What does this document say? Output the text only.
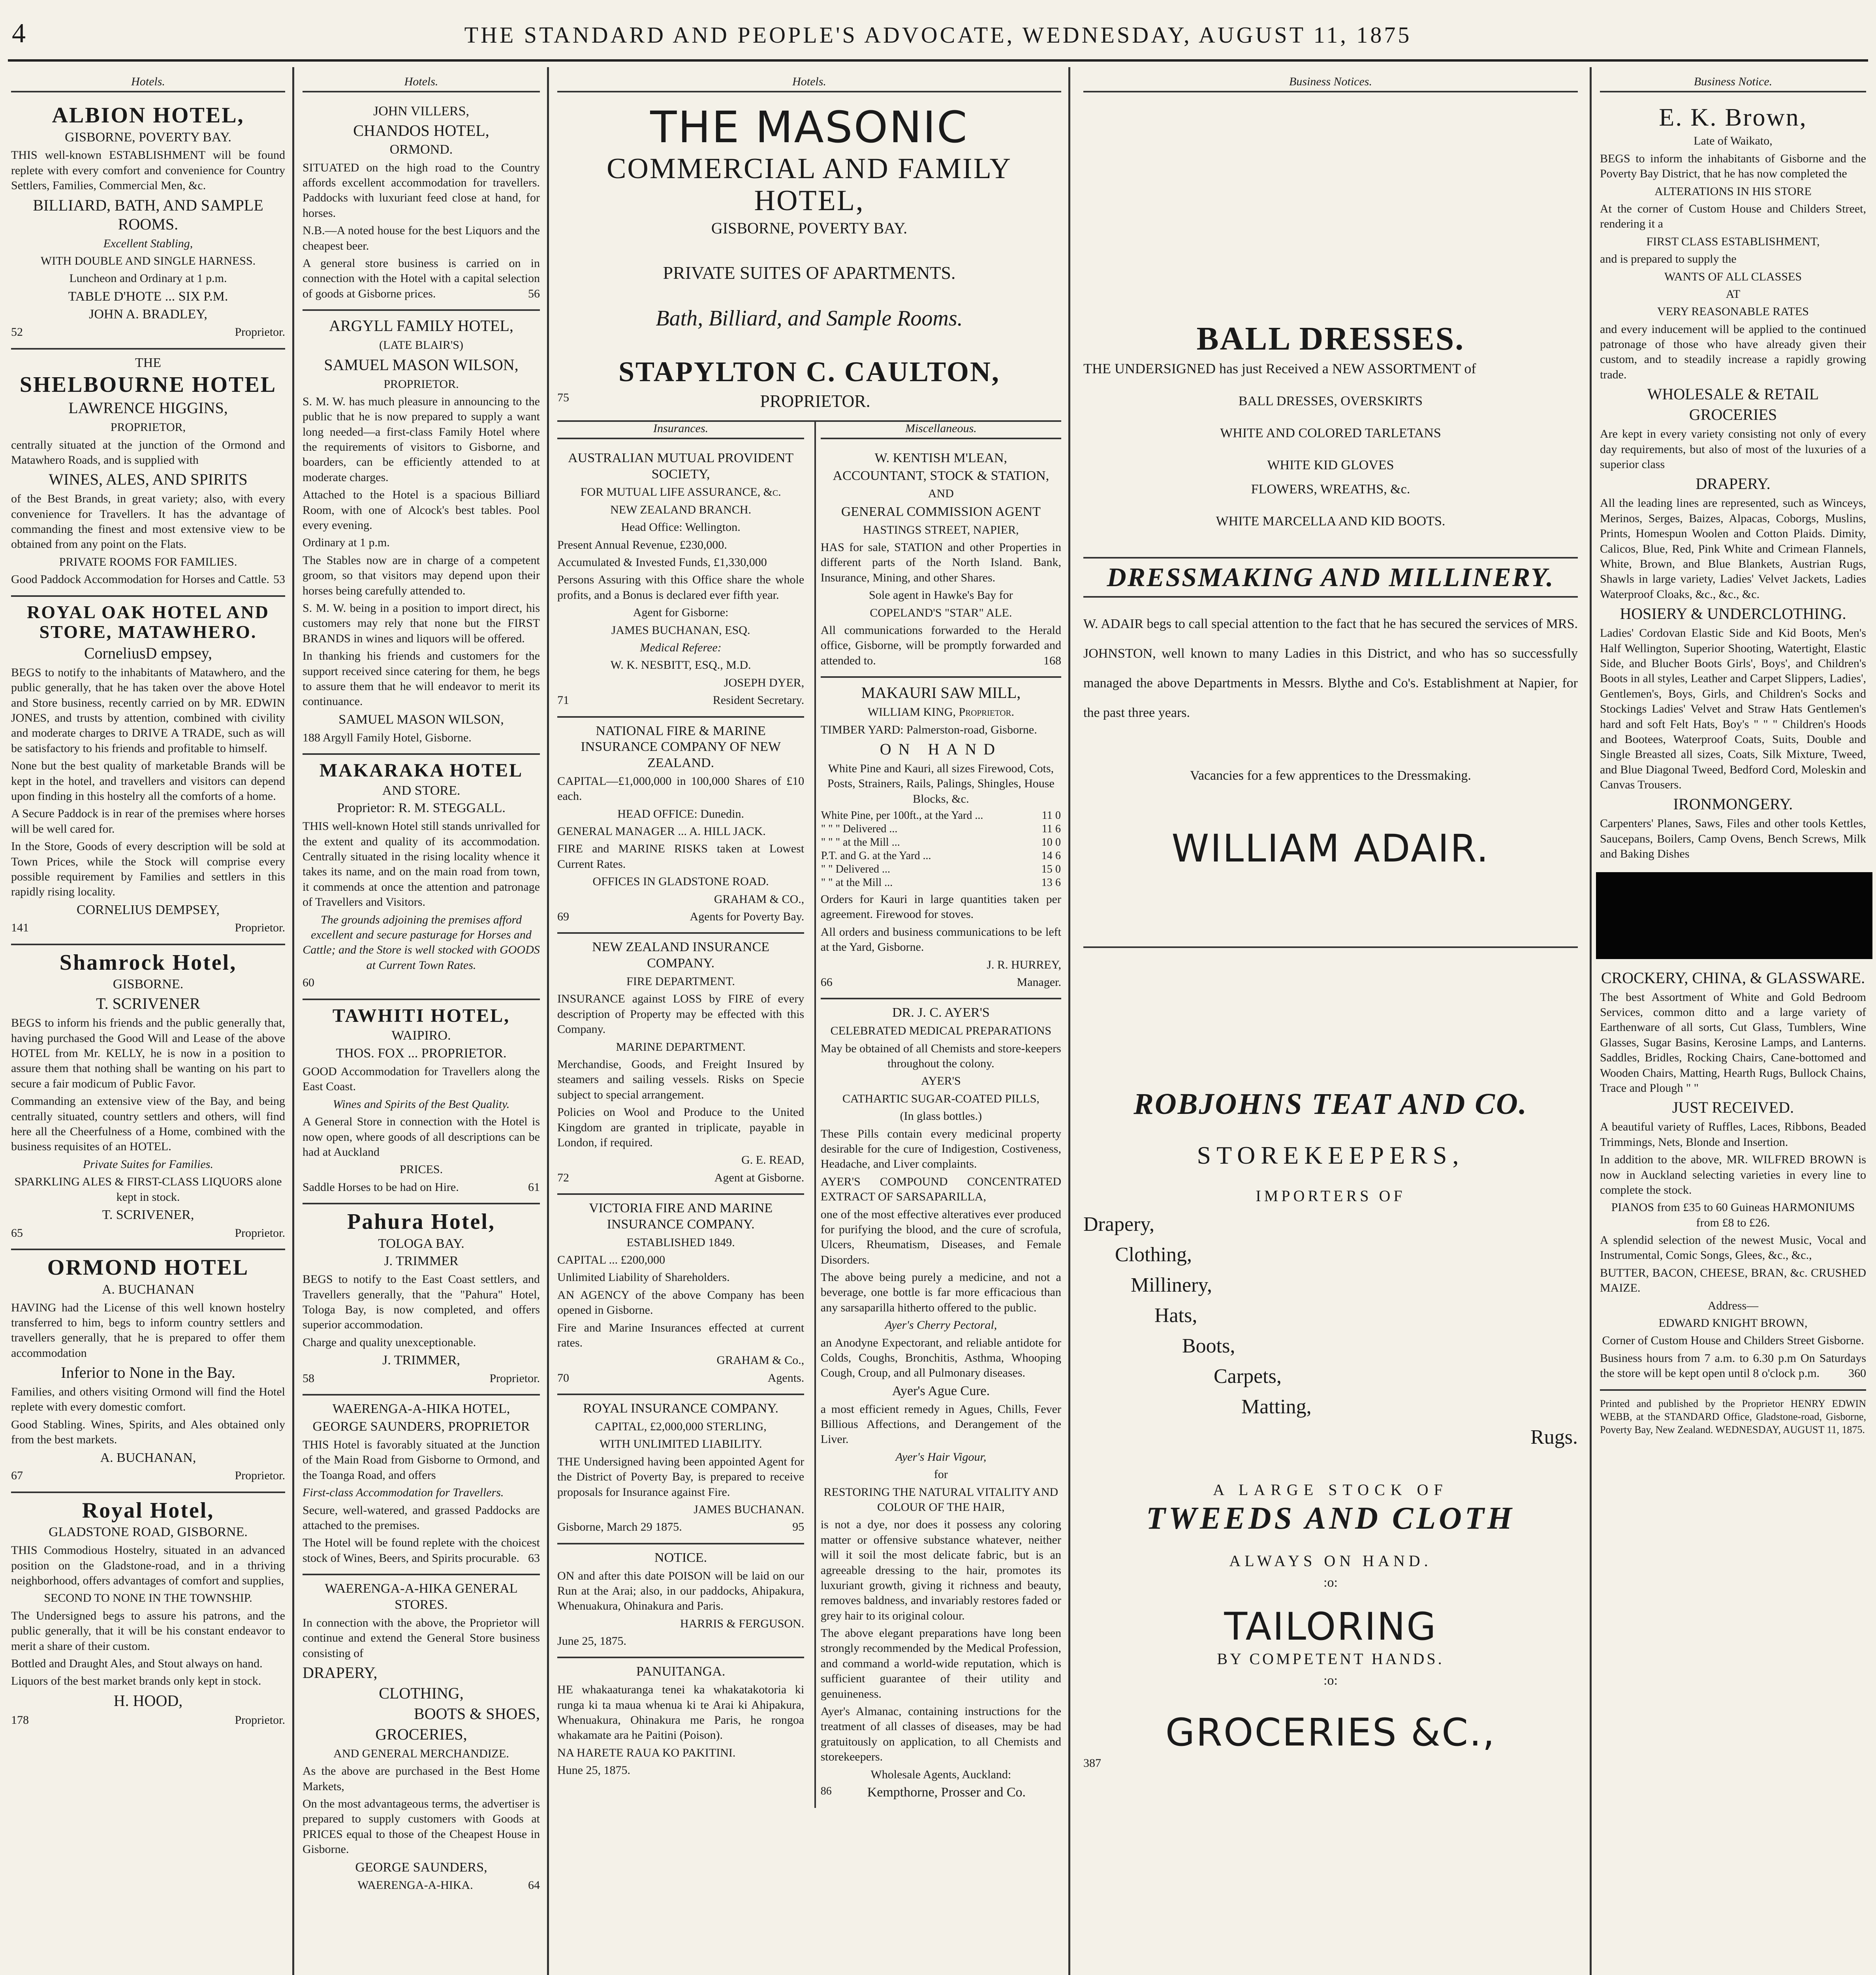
4	THE STANDARD AND PEOPLE'S ADVOCATE, WEDNESDAY, AUGUST 11, 1875
Hotels.
ALBION HOTEL,
GISBORNE, POVERTY BAY.

THIS well-known ESTABLISHMENT will be found replete with every comfort and convenience for Country Settlers, Families, Commercial Men, &c.

BILLIARD, BATH, AND SAMPLE ROOMS.

Excellent Stabling,

WITH DOUBLE AND SINGLE HARNESS.

Luncheon and Ordinary at 1 p.m.

TABLE D'HOTE ... SIX P.M.
JOHN A. BRADLEY,

52	Proprietor.

THE
SHELBOURNE HOTEL
LAWRENCE HIGGINS,

PROPRIETOR,

centrally situated at the junction of the Ormond and Matawhero Roads, and is supplied with

WINES, ALES, AND SPIRITS

of the Best Brands, in great variety; also, with every convenience for Travellers. It has the advantage of commanding the finest and most extensive view to be obtained from any point on the Flats.

PRIVATE ROOMS FOR FAMILIES.

Good Paddock Accommodation for Horses and Cattle. 53

ROYAL OAK HOTEL AND STORE, MATAWHERO.
CorneliusD empsey,

BEGS to notify to the inhabitants of Matawhero, and the public generally, that he has taken over the above Hotel and Store business, recently carried on by MR. EDWIN JONES, and trusts by attention, combined with civility and moderate charges to DRIVE A TRADE, such as will be satisfactory to his friends and profitable to himself.

None but the best quality of marketable Brands will be kept in the hotel, and travellers and visitors can depend upon finding in this hostelry all the comforts of a home.

A Secure Paddock is in rear of the premises where horses will be well cared for.

In the Store, Goods of every description will be sold at Town Prices, while the Stock will comprise every possible requirement by Families and settlers in this rapidly rising locality.

CORNELIUS DEMPSEY,

141	Proprietor.

Shamrock Hotel,
GISBORNE.
T. SCRIVENER

BEGS to inform his friends and the public generally that, having purchased the Good Will and Lease of the above HOTEL from Mr. KELLY, he is now in a position to assure them that nothing shall be wanting on his part to secure a fair modicum of Public Favor.

Commanding an extensive view of the Bay, and being centrally situated, country settlers and others, will find here all the Cheerfulness of a Home, combined with the business requisites of an HOTEL.

Private Suites for Families.

SPARKLING ALES & FIRST-CLASS LIQUORS alone kept in stock.

T. SCRIVENER,

65	Proprietor.

ORMOND HOTEL
A. BUCHANAN

HAVING had the License of this well known hostelry transferred to him, begs to inform country settlers and travellers generally, that he is prepared to offer them accommodation

Inferior to None in the Bay.

Families, and others visiting Ormond will find the Hotel replete with every domestic comfort.

Good Stabling. Wines, Spirits, and Ales obtained only from the best markets.

A. BUCHANAN,

67	Proprietor.

Royal Hotel,
GLADSTONE ROAD, GISBORNE.

THIS Commodious Hostelry, situated in an advanced position on the Gladstone-road, and in a thriving neighborhood, offers advantages of comfort and supplies,

SECOND TO NONE IN THE TOWNSHIP.

The Undersigned begs to assure his patrons, and the public generally, that it will be his constant endeavor to merit a share of their custom.

Bottled and Draught Ales, and Stout always on hand.

Liquors of the best market brands only kept in stock.

H. HOOD,

178	Proprietor.

Hotels.
JOHN VILLERS,
CHANDOS HOTEL,
ORMOND.

SITUATED on the high road to the Country affords excellent accommodation for travellers. Paddocks with luxuriant feed close at hand, for horses.

N.B.—A noted house for the best Liquors and the cheapest beer.

A general store business is carried on in connection with the Hotel with a capital selection of goods at Gisborne prices.	56

ARGYLL FAMILY HOTEL,

(LATE BLAIR'S)

SAMUEL MASON WILSON,

PROPRIETOR.

S. M. W. has much pleasure in announcing to the public that he is now prepared to supply a want long needed—a first-class Family Hotel where the requirements of visitors to Gisborne, and boarders, can be efficiently attended to at moderate charges.

Attached to the Hotel is a spacious Billiard Room, with one of Alcock's best tables. Pool every evening.

Ordinary at 1 p.m.

The Stables now are in charge of a competent groom, so that visitors may depend upon their horses being carefully attended to.

S. M. W. being in a position to import direct, his customers may rely that none but the FIRST BRANDS in wines and liquors will be offered.

In thanking his friends and customers for the support received since catering for them, he begs to assure them that he will endeavor to merit its continuance.

SAMUEL MASON WILSON,

188 Argyll Family Hotel, Gisborne.

MAKARAKA HOTEL
AND STORE.
Proprietor: R. M. STEGGALL.

THIS well-known Hotel still stands unrivalled for the extent and quality of its accommodation. Centrally situated in the rising locality whence it takes its name, and on the main road from town, it commends at once the attention and patronage of Travellers and Visitors.

The grounds adjoining the premises afford excellent and secure pasturage for Horses and Cattle; and the Store is well stocked with GOODS at Current Town Rates.

60

TAWHITI HOTEL,
WAIPIRO.
THOS. FOX ... PROPRIETOR.

GOOD Accommodation for Travellers along the East Coast.

Wines and Spirits of the Best Quality.

A General Store in connection with the Hotel is now open, where goods of all descriptions can be had at Auckland

PRICES.

Saddle Horses to be had on Hire.	61

Pahura Hotel,
TOLOGA BAY.
J. TRIMMER

BEGS to notify to the East Coast settlers, and Travellers generally, that the "Pahura" Hotel, Tologa Bay, is now completed, and offers superior accommodation.

Charge and quality unexceptionable.

J. TRIMMER,

58	Proprietor.

WAERENGA-A-HIKA HOTEL,
GEORGE SAUNDERS, PROPRIETOR

THIS Hotel is favorably situated at the Junction of the Main Road from Gisborne to Ormond, and the Toanga Road, and offers

First-class Accommodation for Travellers.

Secure, well-watered, and grassed Paddocks are attached to the premises.

The Hotel will be found replete with the choicest stock of Wines, Beers, and Spirits procurable. 63

WAERENGA-A-HIKA GENERAL STORES.

In connection with the above, the Proprietor will continue and extend the General Store business consisting of

DRAPERY,
CLOTHING,
BOOTS & SHOES,
GROCERIES,

AND GENERAL MERCHANDIZE.

As the above are purchased in the Best Home Markets,

On the most advantageous terms, the advertiser is prepared to supply customers with Goods at PRICES equal to those of the Cheapest House in Gisborne.

GEORGE SAUNDERS,

WAERENGA-A-HIKA.	64

Hotels.
THE MASONIC
COMMERCIAL AND FAMILY HOTEL,
GISBORNE, POVERTY BAY.

PRIVATE SUITES OF APARTMENTS.

Bath, Billiard, and Sample Rooms.

STAPYLTON C. CAULTON,

75	PROPRIETOR.

Insurances.
AUSTRALIAN MUTUAL PROVIDENT SOCIETY,

FOR MUTUAL LIFE ASSURANCE, &c.

NEW ZEALAND BRANCH.

Head Office: Wellington.

Present Annual Revenue, £230,000.

Accumulated & Invested Funds, £1,330,000

Persons Assuring with this Office share the whole profits, and a Bonus is declared ever fifth year.

Agent for Gisborne:

JAMES BUCHANAN, ESQ.

Medical Referee:

W. K. NESBITT, ESQ., M.D.

JOSEPH DYER,

71	Resident Secretary.

NATIONAL FIRE & MARINE INSURANCE COMPANY OF NEW ZEALAND.

CAPITAL—£1,000,000 in 100,000 Shares of £10 each.

HEAD OFFICE: Dunedin.

GENERAL MANAGER ... A. HILL JACK.

FIRE and MARINE RISKS taken at Lowest Current Rates.

OFFICES IN GLADSTONE ROAD.

GRAHAM & CO.,

69	Agents for Poverty Bay.

NEW ZEALAND INSURANCE COMPANY.

FIRE DEPARTMENT.

INSURANCE against LOSS by FIRE of every description of Property may be effected with this Company.

MARINE DEPARTMENT.

Merchandise, Goods, and Freight Insured by steamers and sailing vessels. Risks on Specie subject to special arrangement.

Policies on Wool and Produce to the United Kingdom are granted in triplicate, payable in London, if required.

G. E. READ,

72	Agent at Gisborne.

VICTORIA FIRE AND MARINE INSURANCE COMPANY.

ESTABLISHED 1849.

CAPITAL ... £200,000

Unlimited Liability of Shareholders.

AN AGENCY of the above Company has been opened in Gisborne.

Fire and Marine Insurances effected at current rates.

GRAHAM & Co.,

70	Agents.

ROYAL INSURANCE COMPANY.

CAPITAL, £2,000,000 STERLING,

WITH UNLIMITED LIABILITY.

THE Undersigned having been appointed Agent for the District of Poverty Bay, is prepared to receive proposals for Insurance against Fire.

JAMES BUCHANAN.

Gisborne, March 29 1875.	95

NOTICE.

ON and after this date POISON will be laid on our Run at the Arai; also, in our paddocks, Ahipakura, Whenuakura, Ohinakura and Paris.

HARRIS & FERGUSON.

June 25, 1875.

PANUITANGA.

HE whakaaturanga tenei ka whakatakotoria ki runga ki ta maua whenua ki te Arai ki Ahipakura, Whenuakura, Ohinakura me Paris, he rongoa whakamate ara he Paitini (Poison).

NA HARETE RAUA KO PAKITINI.

Hune 25, 1875.

Miscellaneous.
W. KENTISH M'LEAN,
ACCOUNTANT, STOCK & STATION,

AND

GENERAL COMMISSION AGENT

HASTINGS STREET, NAPIER,

HAS for sale, STATION and other Properties in different parts of the North Island. Bank, Insurance, Mining, and other Shares.

Sole agent in Hawke's Bay for

COPELAND'S "STAR" ALE.

All communications forwarded to the Herald office, Gisborne, will be promptly forwarded and attended to.	168

MAKAURI SAW MILL,

WILLIAM KING, Proprietor.

TIMBER YARD: Palmerston-road, Gisborne.

ON HAND

White Pine and Kauri, all sizes Firewood, Cots, Posts, Strainers, Rails, Palings, Shingles, House Blocks, &c.

White Pine, per 100ft., at the Yard ...	11	0
" " " Delivered ...	11	6
" " " at the Mill ...	10	0
P.T. and G. at the Yard ...	14	6
" " Delivered ...	15	0
" " at the Mill ...	13	6

Orders for Kauri in large quantities taken per agreement. Firewood for stoves.

All orders and business communications to be left at the Yard, Gisborne.

J. R. HURREY,

66	Manager.

DR. J. C. AYER'S

CELEBRATED MEDICAL PREPARATIONS

May be obtained of all Chemists and store-keepers throughout the colony.

AYER'S

CATHARTIC SUGAR-COATED PILLS,

(In glass bottles.)

These Pills contain every medicinal property desirable for the cure of Indigestion, Costiveness, Headache, and Liver complaints.

AYER'S COMPOUND CONCENTRATED EXTRACT OF SARSAPARILLA,

one of the most effective alteratives ever produced for purifying the blood, and the cure of scrofula, Ulcers, Rheumatism, Diseases, and Female Disorders.

The above being purely a medicine, and not a beverage, one bottle is far more efficacious than any sarsaparilla hitherto offered to the public.

Ayer's Cherry Pectoral,

an Anodyne Expectorant, and reliable antidote for Colds, Coughs, Bronchitis, Asthma, Whooping Cough, Croup, and all Pulmonary diseases.

Ayer's Ague Cure.

a most efficient remedy in Agues, Chills, Fever Billious Affections, and Derangement of the Liver.

Ayer's Hair Vigour,

for

RESTORING THE NATURAL VITALITY AND COLOUR OF THE HAIR,

is not a dye, nor does it possess any coloring matter or offensive substance whatever, neither will it soil the most delicate fabric, but is an agreeable dressing to the hair, promotes its luxuriant growth, giving it richness and beauty, removes baldness, and invariably restores faded or grey hair to its original colour.

The above elegant preparations have long been strongly recommended by the Medical Profession, and command a world-wide reputation, which is sufficient guarantee of their utility and genuineness.

Ayer's Almanac, containing instructions for the treatment of all classes of diseases, may be had gratuitously on application, to all Chemists and storekeepers.

Wholesale Agents, Auckland:

86	Kempthorne, Prosser and Co.
Business Notices.
BALL DRESSES.

THE UNDERSIGNED has just Received a NEW ASSORTMENT of

BALL DRESSES, OVERSKIRTS
WHITE AND COLORED TARLETANS
WHITE KID GLOVES
FLOWERS, WREATHS, &c.
WHITE MARCELLA AND KID BOOTS.
DRESSMAKING AND MILLINERY.

W. ADAIR begs to call special attention to the fact that he has secured the services of MRS. JOHNSTON, well known to many Ladies in this District, and who has so successfully managed the above Departments in Messrs. Blythe and Co's. Establishment at Napier, for the past three years.

Vacancies for a few apprentices to the Dressmaking.

WILLIAM ADAIR.
ROBJOHNS TEAT AND CO.
STOREKEEPERS,
IMPORTERS OF
Drapery,
Clothing,
Millinery,
Hats,
Boots,
Carpets,
Matting,
Rugs.
A LARGE STOCK OF
TWEEDS AND CLOTH
ALWAYS ON HAND.
:o:
TAILORING
BY COMPETENT HANDS.
:o:
GROCERIES &C.,

387

Business Notice.
E. K. Brown,

Late of Waikato,

BEGS to inform the inhabitants of Gisborne and the Poverty Bay District, that he has now completed the

ALTERATIONS IN HIS STORE

At the corner of Custom House and Childers Street, rendering it a

FIRST CLASS ESTABLISHMENT,

and is prepared to supply the

WANTS OF ALL CLASSES

AT

VERY REASONABLE RATES

and every inducement will be applied to the continued patronage of those who have already given their custom, and to steadily increase a rapidly growing trade.

WHOLESALE & RETAIL
GROCERIES

Are kept in every variety consisting not only of every day requirements, but also of most of the luxuries of a superior class

DRAPERY.

All the leading lines are represented, such as Winceys, Merinos, Serges, Baizes, Alpacas, Coborgs, Muslins, Prints, Homespun Woolen and Cotton Plaids. Dimity, Calicos, Blue, Red, Pink White and Crimean Flannels, White, Brown, and Blue Blankets, Austrian Rugs, Shawls in large variety, Ladies' Velvet Jackets, Ladies Waterproof Cloaks, &c., &c., &c.

HOSIERY & UNDERCLOTHING.

Ladies' Cordovan Elastic Side and Kid Boots, Men's Half Wellington, Superior Shooting, Watertight, Elastic Side, and Blucher Boots Girls', Boys', and Children's Boots in all styles, Leather and Carpet Slippers, Ladies', Gentlemen's, Boys, Girls, and Children's Socks and Stockings Ladies' Velvet and Straw Hats Gentlemen's hard and soft Felt Hats, Boy's " " " Children's Hoods and Bootees, Waterproof Coats, Suits, Double and Single Breasted all sizes, Coats, Silk Mixture, Tweed, and Blue Diagonal Tweed, Bedford Cord, Moleskin and Canvas Trousers.

IRONMONGERY.

Carpenters' Planes, Saws, Files and other tools Kettles, Saucepans, Boilers, Camp Ovens, Bench Screws, Milk and Baking Dishes

CROCKERY, CHINA, & GLASSWARE.

The best Assortment of White and Gold Bedroom Services, common ditto and a large variety of Earthenware of all sorts, Cut Glass, Tumblers, Wine Glasses, Sugar Basins, Kerosine Lamps, and Lanterns. Saddles, Bridles, Rocking Chairs, Cane-bottomed and Wooden Chairs, Matting, Hearth Rugs, Bullock Chains, Trace and Plough " "

JUST RECEIVED.

A beautiful variety of Ruffles, Laces, Ribbons, Beaded Trimmings, Nets, Blonde and Insertion.

In addition to the above, MR. WILFRED BROWN is now in Auckland selecting varieties in every line to complete the stock.

PIANOS from £35 to 60 Guineas HARMONIUMS from £8 to £26.

A splendid selection of the newest Music, Vocal and Instrumental, Comic Songs, Glees, &c., &c.,

BUTTER, BACON, CHEESE, BRAN, &c. CRUSHED MAIZE.

Address—

EDWARD KNIGHT BROWN,

Corner of Custom House and Childers Street Gisborne.

Business hours from 7 a.m. to 6.30 p.m On Saturdays the store will be kept open until 8 o'clock p.m. 360

Printed and published by the Proprietor HENRY EDWIN WEBB, at the STANDARD Office, Gladstone-road, Gisborne, Poverty Bay, New Zealand. WEDNESDAY, AUGUST 11, 1875.
